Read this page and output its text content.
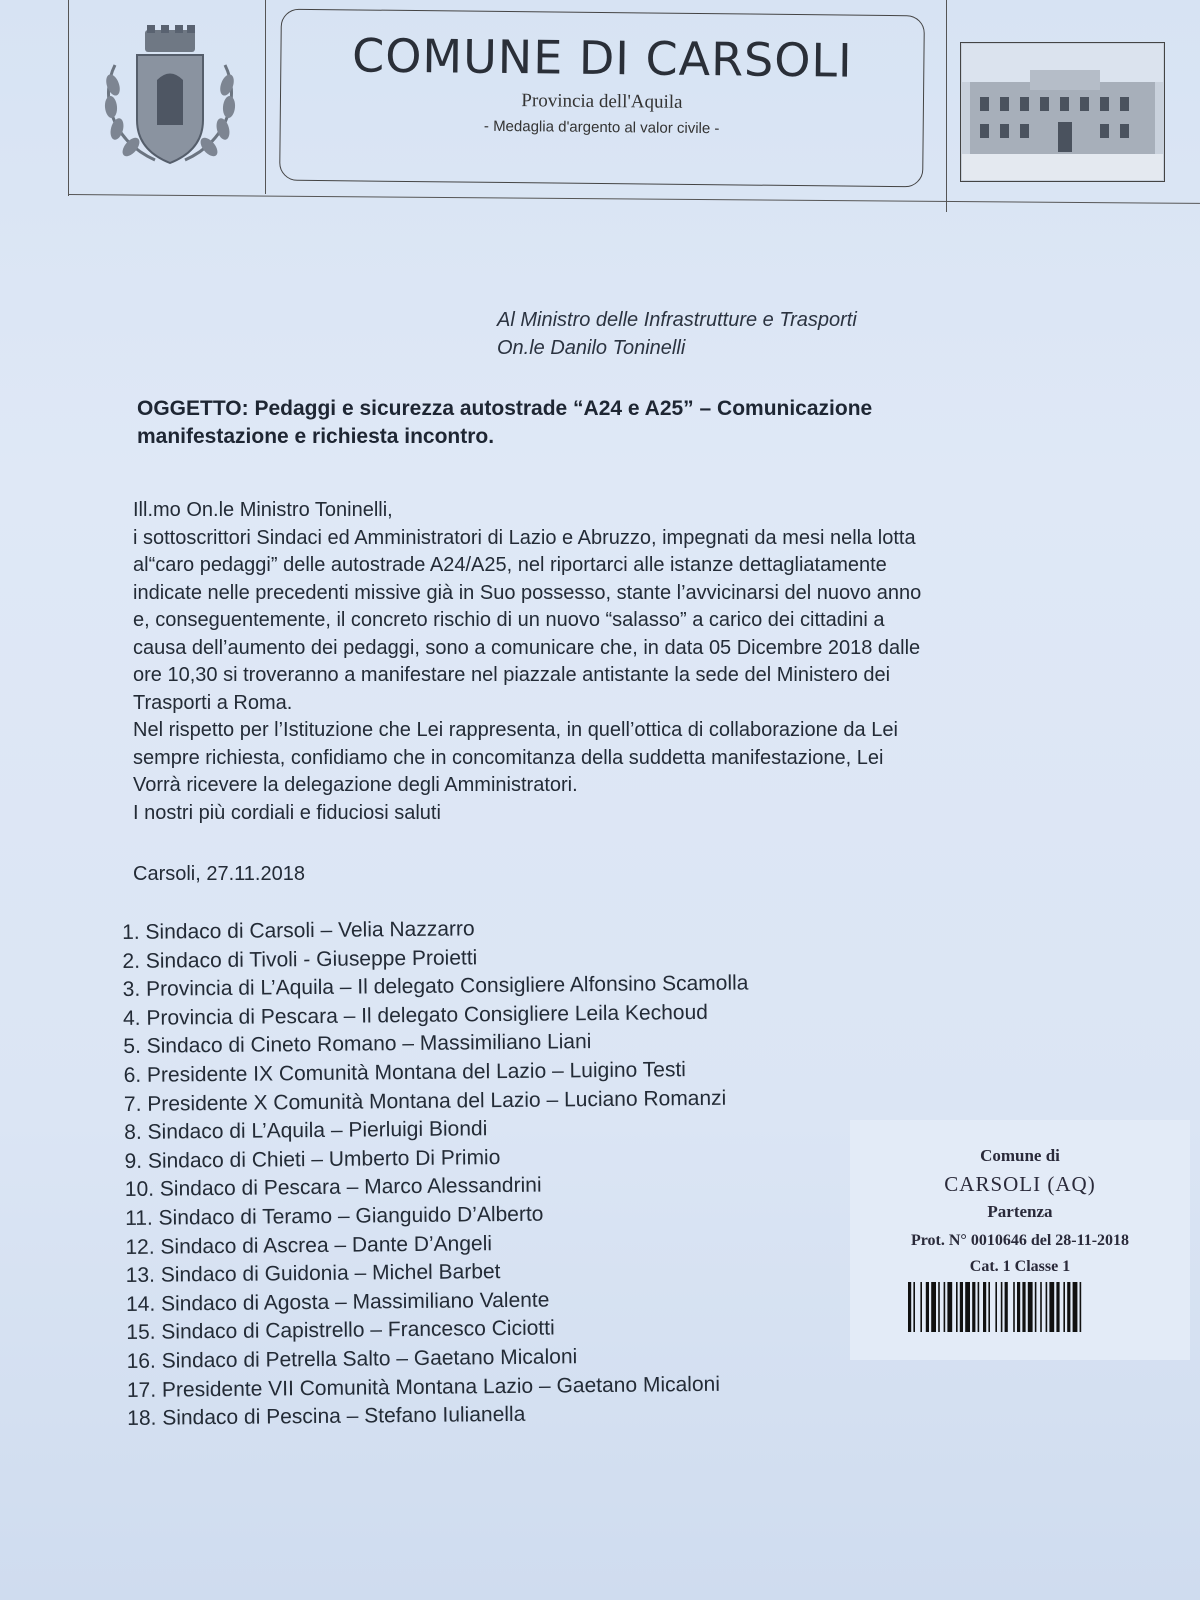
COMUNE DI CARSOLI
Provincia dell'Aquila
- Medaglia d'argento al valor civile -
Al Ministro delle Infrastrutture e Trasporti
On.le Danilo Toninelli
OGGETTO: Pedaggi e sicurezza autostrade “A24 e A25” – Comunicazione
manifestazione e richiesta incontro.

Ill.mo On.le Ministro Toninelli,

i sottoscrittori Sindaci ed Amministratori di Lazio e Abruzzo, impegnati da mesi nella lotta

al“caro pedaggi” delle autostrade A24/A25, nel riportarci alle istanze dettagliatamente

indicate nelle precedenti missive già in Suo possesso, stante l’avvicinarsi del nuovo anno

e, conseguentemente, il concreto rischio di un nuovo “salasso” a carico dei cittadini a

causa dell’aumento dei pedaggi, sono a comunicare che, in data 05 Dicembre 2018 dalle

ore 10,30 si troveranno a manifestare nel piazzale antistante la sede del Ministero dei

Trasporti a Roma.

Nel rispetto per l’Istituzione che Lei rappresenta, in quell’ottica di collaborazione da Lei

sempre richiesta, confidiamo che in concomitanza della suddetta manifestazione, Lei

Vorrà ricevere la delegazione degli Amministratori.

I nostri più cordiali e fiduciosi saluti

Carsoli, 27.11.2018
1. Sindaco di Carsoli – Velia Nazzarro
2. Sindaco di Tivoli - Giuseppe Proietti
3. Provincia di L’Aquila – Il delegato Consigliere Alfonsino Scamolla
4. Provincia di Pescara – Il delegato Consigliere Leila Kechoud
5. Sindaco di Cineto Romano – Massimiliano Liani
6. Presidente IX Comunità Montana del Lazio – Luigino Testi
7. Presidente X Comunità Montana del Lazio – Luciano Romanzi
8. Sindaco di L’Aquila – Pierluigi Biondi
9. Sindaco di Chieti – Umberto Di Primio
10. Sindaco di Pescara – Marco Alessandrini
11. Sindaco di Teramo – Gianguido D’Alberto
12. Sindaco di Ascrea – Dante D’Angeli
13. Sindaco di Guidonia – Michel Barbet
14. Sindaco di Agosta – Massimiliano Valente
15. Sindaco di Capistrello – Francesco Ciciotti
16. Sindaco di Petrella Salto – Gaetano Micaloni
17. Presidente VII Comunità Montana Lazio – Gaetano Micaloni
18. Sindaco di Pescina – Stefano Iulianella
Comune di
CARSOLI (AQ)
Partenza
Prot. N° 0010646 del 28-11-2018
Cat. 1 Classe 1
